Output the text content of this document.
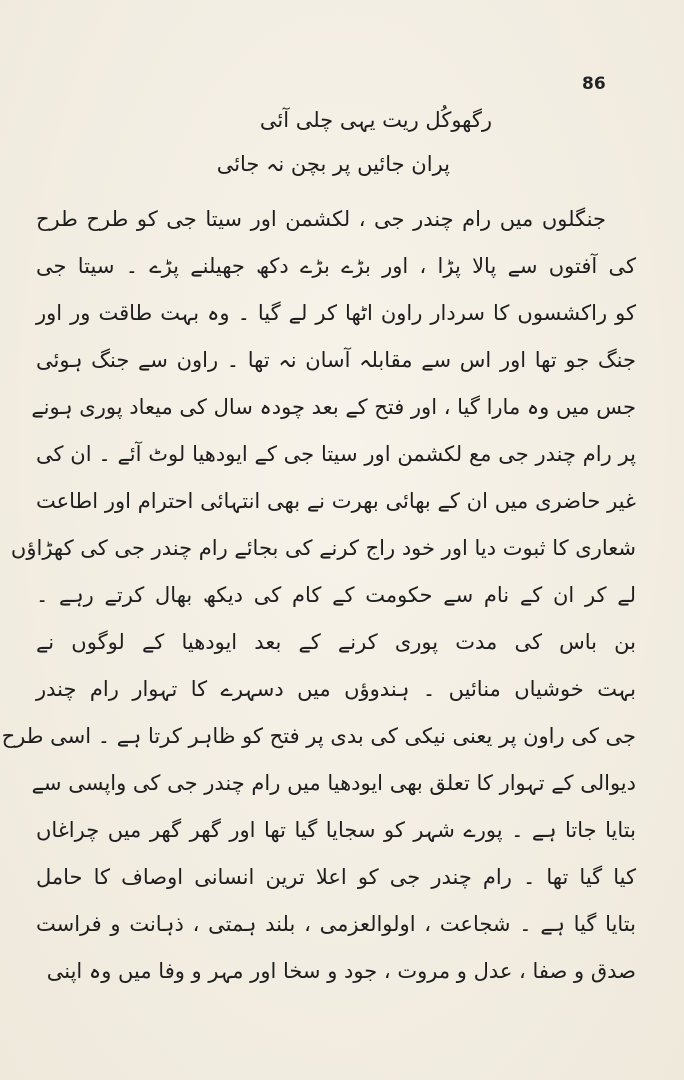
86
رگھوکُل ریت یہی چلی آئی
پران جائیں پر بچن نہ جائی
جنگلوں میں رام چندر جی ، لکشمن اور سیتا جی کو طرح طرح
کی آفتوں سے پالا پڑا ، اور بڑے بڑے دکھ جھیلنے پڑے ۔ سیتا جی
کو راکشسوں کا سردار راون اٹھا کر لے گیا ۔ وہ بہت طاقت ور اور
جنگ جو تھا اور اس سے مقابلہ آسان نہ تھا ۔ راون سے جنگ ہوئی
جس میں وہ مارا گیا ، اور فتح کے بعد چودہ سال کی میعاد پوری ہونے
پر رام چندر جی مع لکشمن اور سیتا جی کے ایودھیا لوٹ آئے ۔ ان کی
غیر حاضری میں ان کے بھائی بھرت نے بھی انتہائی احترام اور اطاعت
شعاری کا ثبوت دیا اور خود راج کرنے کی بجائے رام چندر جی کی کھڑاؤں
لے کر ان کے نام سے حکومت کے کام کی دیکھ بھال کرتے رہے ۔
بن باس کی مدت پوری کرنے کے بعد ایودھیا کے لوگوں نے
بہت خوشیاں منائیں ۔ ہندوؤں میں دسہرے کا تہوار رام چندر
جی کی راون پر یعنی نیکی کی بدی پر فتح کو ظاہر کرتا ہے ۔ اسی طرح
دیوالی کے تہوار کا تعلق بھی ایودھیا میں رام چندر جی کی واپسی سے
بتایا جاتا ہے ۔ پورے شہر کو سجایا گیا تھا اور گھر گھر میں چراغاں
کیا گیا تھا ۔ رام چندر جی کو اعلا ترین انسانی اوصاف کا حامل
بتایا گیا ہے ۔ شجاعت ، اولوالعزمی ، بلند ہمتی ، ذہانت و فراست
صدق و صفا ، عدل و مروت ، جود و سخا اور مہر و وفا میں وہ اپنی
